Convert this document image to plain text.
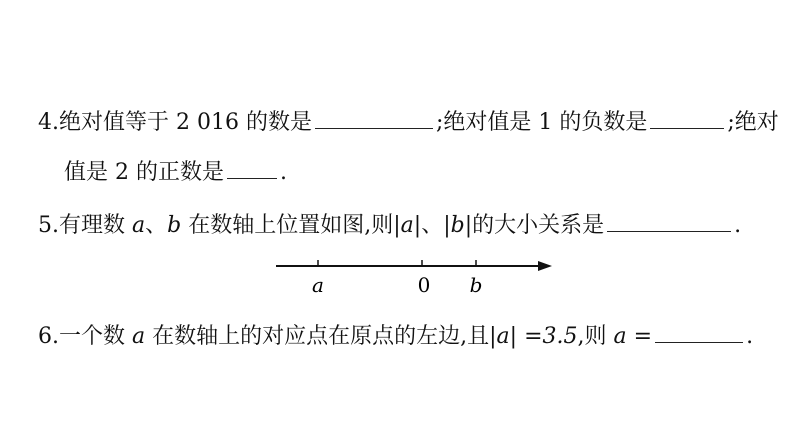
4.绝对值等于 2 016 的数是	;绝对值是 1 的负数是	;绝对
值是 2 的正数是	.
5.有理数 a、b 在数轴上位置如图,则|a|、|b|的大小关系是	.
a	0 b
6.一个数 a 在数轴上的对应点在原点的左边,且|a| =3.5,则 a =	.
